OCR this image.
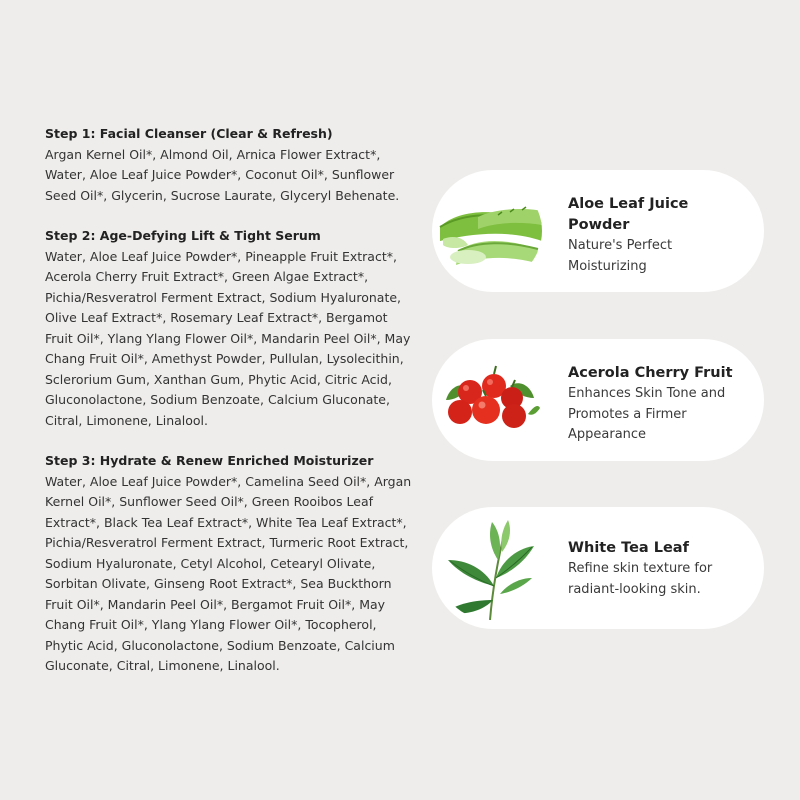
Step 1: Facial Cleanser (Clear & Refresh)
Argan Kernel Oil*, Almond Oil, Arnica Flower Extract*, Water, Aloe Leaf Juice Powder*, Coconut Oil*, Sunflower Seed Oil*, Glycerin, Sucrose Laurate, Glyceryl Behenate.
Step 2: Age-Defying Lift & Tight Serum
Water, Aloe Leaf Juice Powder*, Pineapple Fruit Extract*, Acerola Cherry Fruit Extract*, Green Algae Extract*, Pichia/Resveratrol Ferment Extract, Sodium Hyaluronate, Olive Leaf Extract*, Rosemary Leaf Extract*, Bergamot Fruit Oil*, Ylang Ylang Flower Oil*, Mandarin Peel Oil*, May Chang Fruit Oil*, Amethyst Powder, Pullulan, Lysolecithin, Sclerorium Gum, Xanthan Gum, Phytic Acid, Citric Acid, Gluconolactone, Sodium Benzoate, Calcium Gluconate, Citral, Limonene, Linalool.
Step 3: Hydrate & Renew Enriched Moisturizer
Water, Aloe Leaf Juice Powder*, Camelina Seed Oil*, Argan Kernel Oil*, Sunflower Seed Oil*, Green Rooibos Leaf Extract*, Black Tea Leaf Extract*, White Tea Leaf Extract*, Pichia/Resveratrol Ferment Extract, Turmeric Root Extract, Sodium Hyaluronate, Cetyl Alcohol, Cetearyl Olivate, Sorbitan Olivate, Ginseng Root Extract*, Sea Buckthorn Fruit Oil*, Mandarin Peel Oil*, Bergamot Fruit Oil*, May Chang Fruit Oil*, Ylang Ylang Flower Oil*, Tocopherol, Phytic Acid, Gluconolactone, Sodium Benzoate, Calcium Gluconate, Citral, Limonene, Linalool.
Aloe Leaf Juice Powder
Nature's Perfect Moisturizing
Acerola Cherry Fruit
Enhances Skin Tone and Promotes a Firmer Appearance
White Tea Leaf
Refine skin texture for radiant-looking skin.
